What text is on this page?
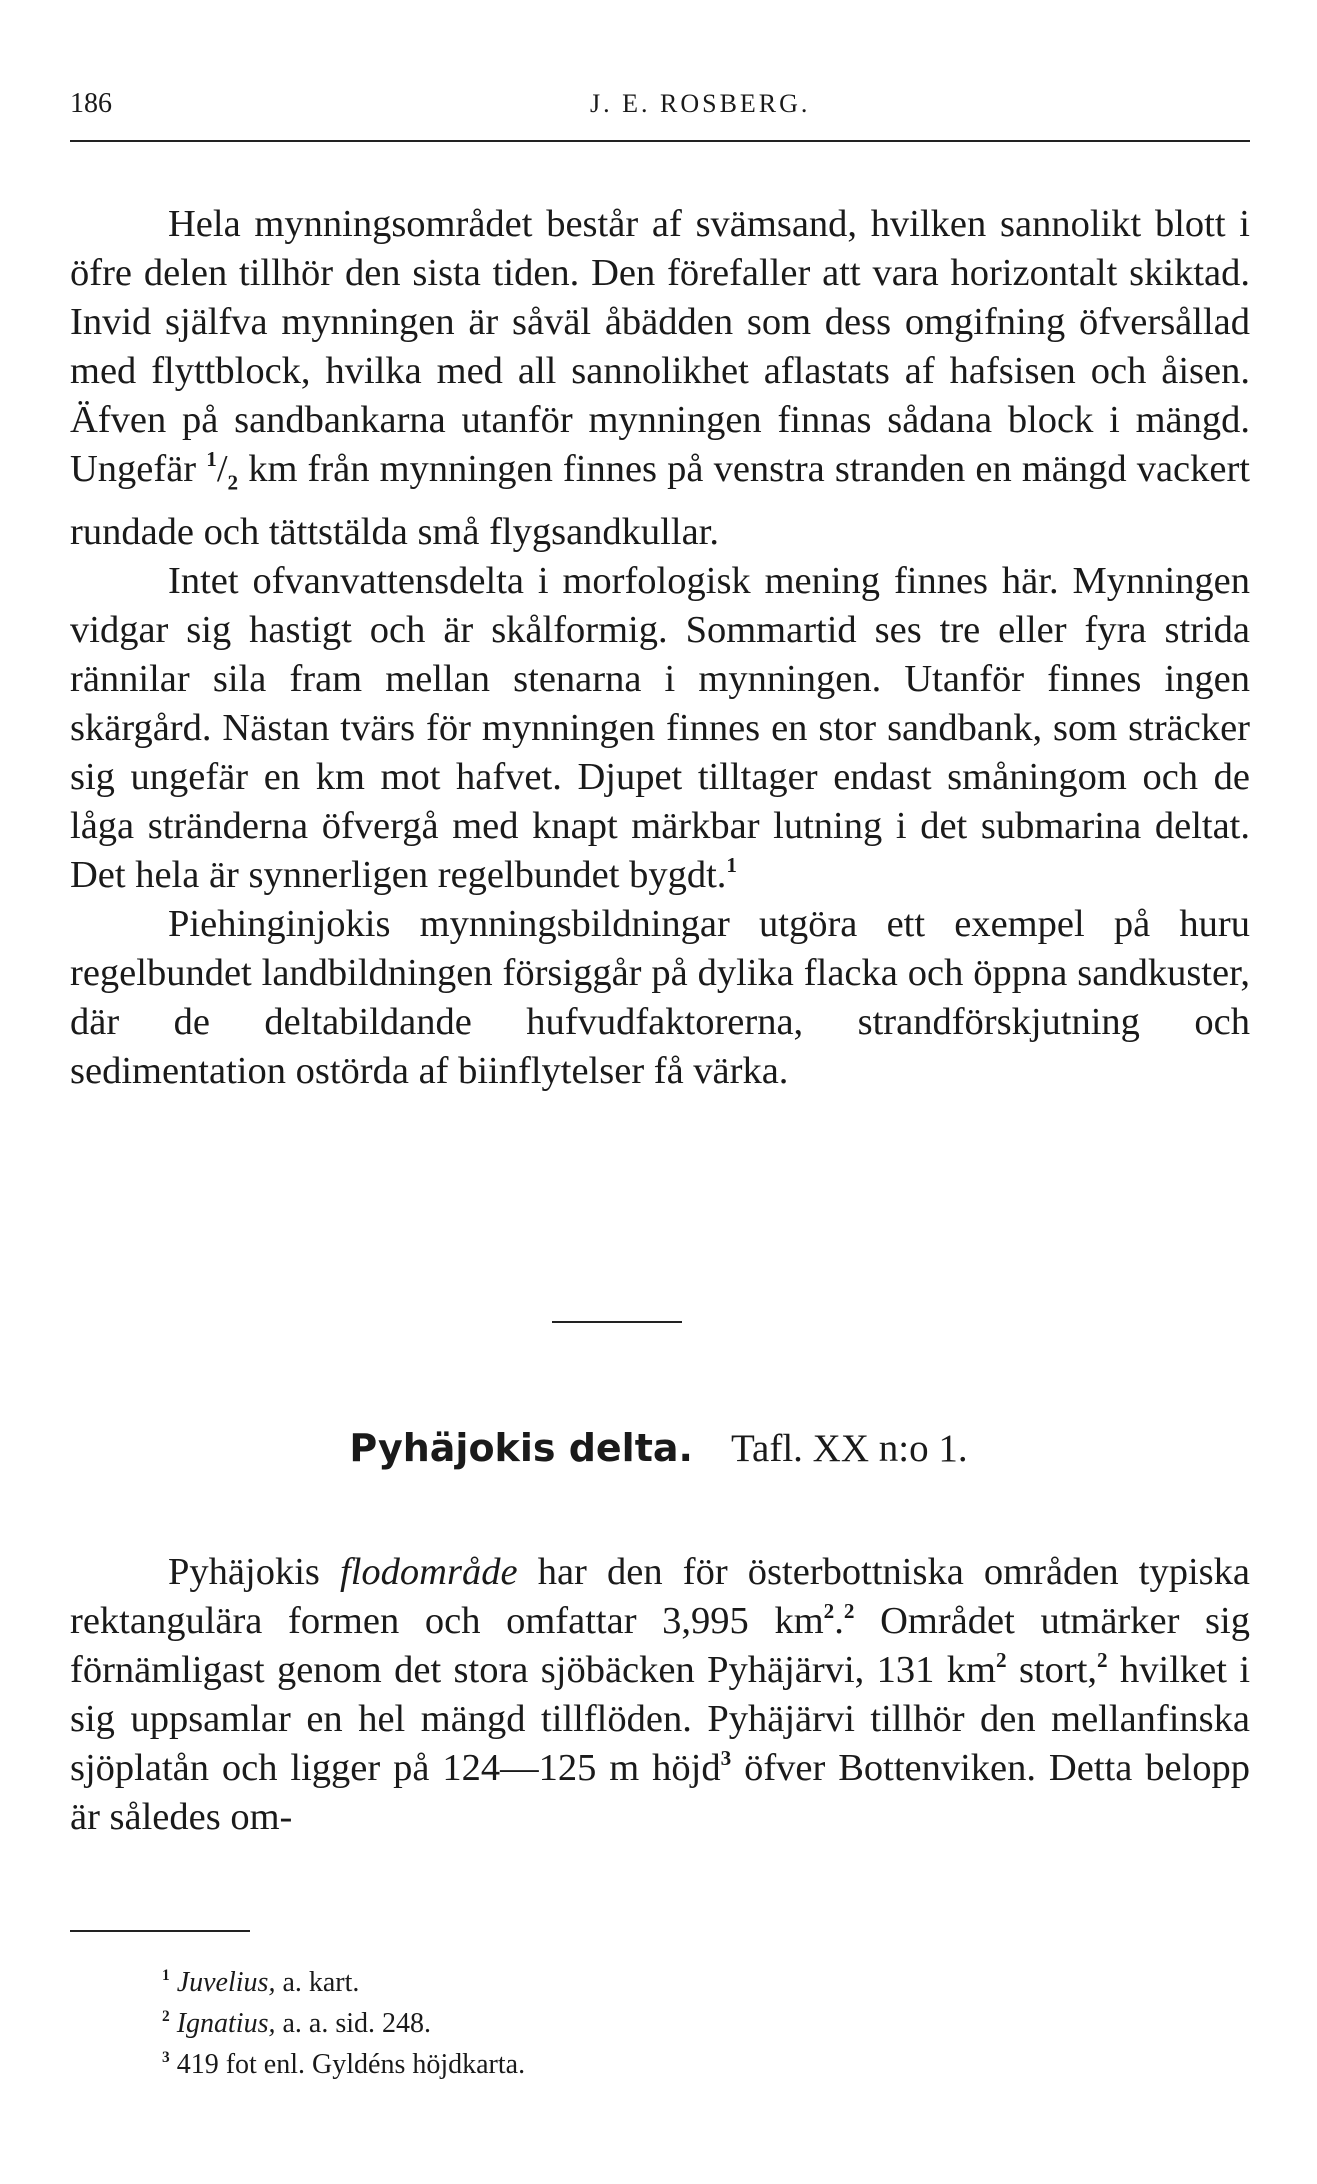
186	J. E. ROSBERG.

Hela mynningsområdet består af svämsand, hvilken sannolikt blott i öfre delen tillhör den sista tiden. Den förefaller att vara horizontalt skiktad. Invid själfva mynningen är såväl åbädden som dess omgifning öfversållad med flyttblock, hvilka med all sannolikhet aflastats af hafsisen och åisen. Äfven på sandbankarna utanför mynningen finnas sådana block i mängd. Ungefär $^1/_2$ km från mynningen finnes på venstra stranden en mängd vackert rundade och tättstälda små flygsandkullar.

Intet ofvanvattensdelta i morfologisk mening finnes här. Mynningen vidgar sig hastigt och är skålformig. Sommartid ses tre eller fyra strida rännilar sila fram mellan stenarna i mynningen. Utanför finnes ingen skärgård. Nästan tvärs för mynningen finnes en stor sandbank, som sträcker sig ungefär en km mot hafvet. Djupet tilltager endast småningom och de låga stränderna öfvergå med knapt märkbar lutning i det submarina deltat. Det hela är synnerligen regelbundet bygdt.$^1$

Piehinginjokis mynningsbildningar utgöra ett exempel på huru regelbundet landbildningen försiggår på dylika flacka och öppna sandkuster, där de deltabildande hufvudfaktorerna, strandförskjutning och sedimentation ostörda af biinflytelser få värka.

Pyhäjokis delta. Tafl. XX n:o 1.

Pyhäjokis flodområde har den för österbottniska områden typiska rektangulära formen och omfattar 3,995 $km^2.^2$ Området utmärker sig förnämligast genom det stora sjöbäcken Pyhäjärvi, 131 $km^2$ stort,$^2$ hvilket i sig uppsamlar en hel mängd tillflöden. Pyhäjärvi tillhör den mellanfinska sjöplatån och ligger på 124—125 m höjd$^3$ öfver Bottenviken. Detta belopp är således om-

$^1$ Juvelius, a. kart.
$^2$ Ignatius, a. a. sid. 248.
$^3$ 419 fot enl. Gyldéns höjdkarta.
